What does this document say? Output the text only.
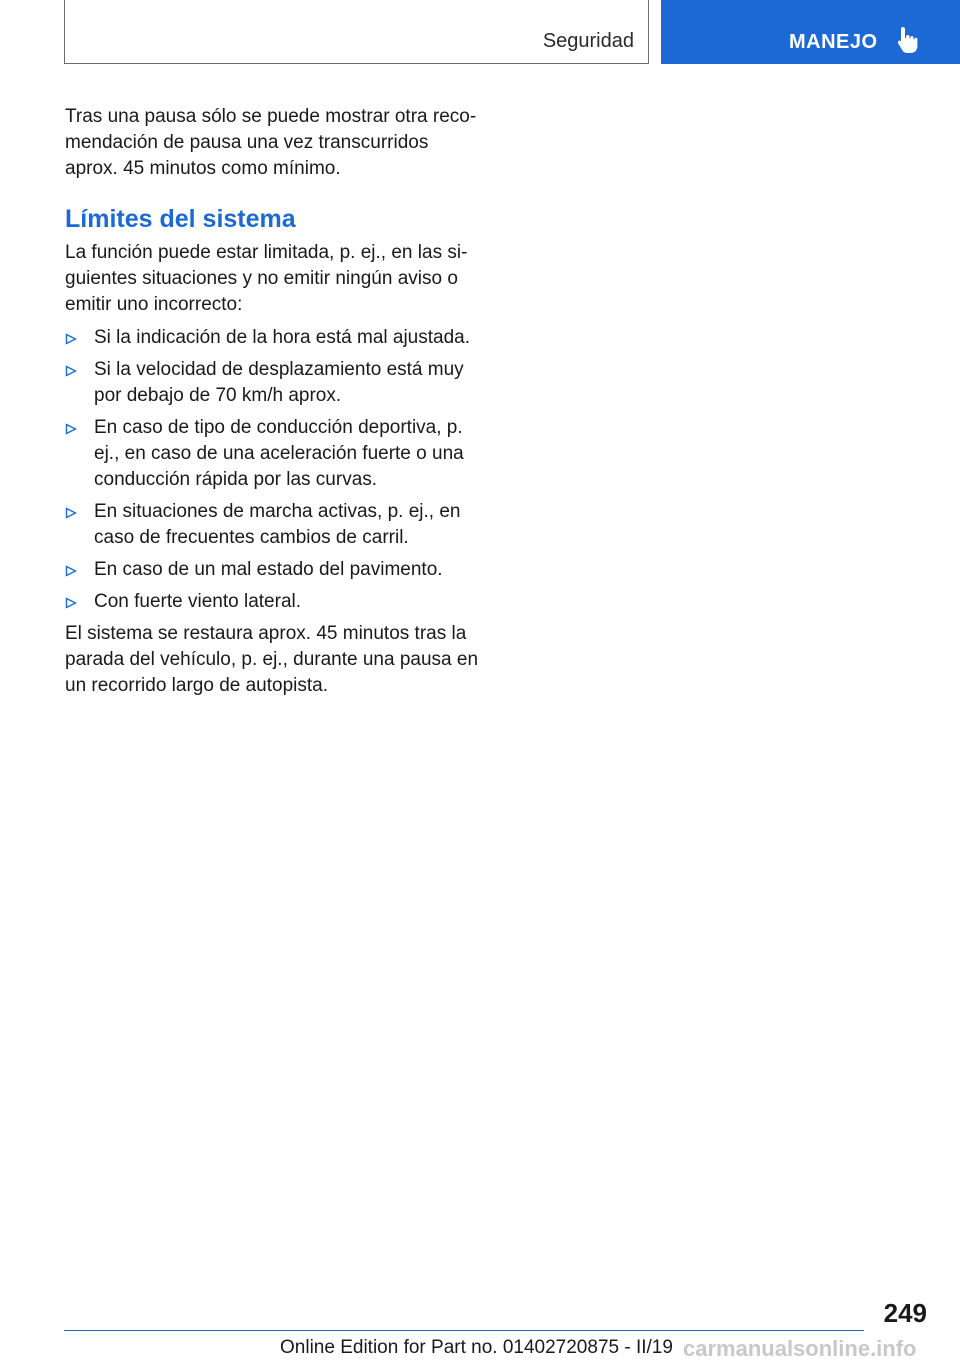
Seguridad	MANEJO

Tras una pausa sólo se puede mostrar otra reco-mendación de pausa una vez transcurridos aprox. 45 minutos como mínimo.

Límites del sistema

La función puede estar limitada, p. ej., en las si-guientes situaciones y no emitir ningún aviso o emitir uno incorrecto:

Si la indicación de la hora está mal ajustada.
Si la velocidad de desplazamiento está muy por debajo de 70 km/h aprox.
En caso de tipo de conducción deportiva, p. ej., en caso de una aceleración fuerte o una conducción rápida por las curvas.
En situaciones de marcha activas, p. ej., en caso de frecuentes cambios de carril.
En caso de un mal estado del pavimento.
Con fuerte viento lateral.

El sistema se restaura aprox. 45 minutos tras la parada del vehículo, p. ej., durante una pausa en un recorrido largo de autopista.

249
Online Edition for Part no. 01402720875 - II/19 carmanualsonline.info
